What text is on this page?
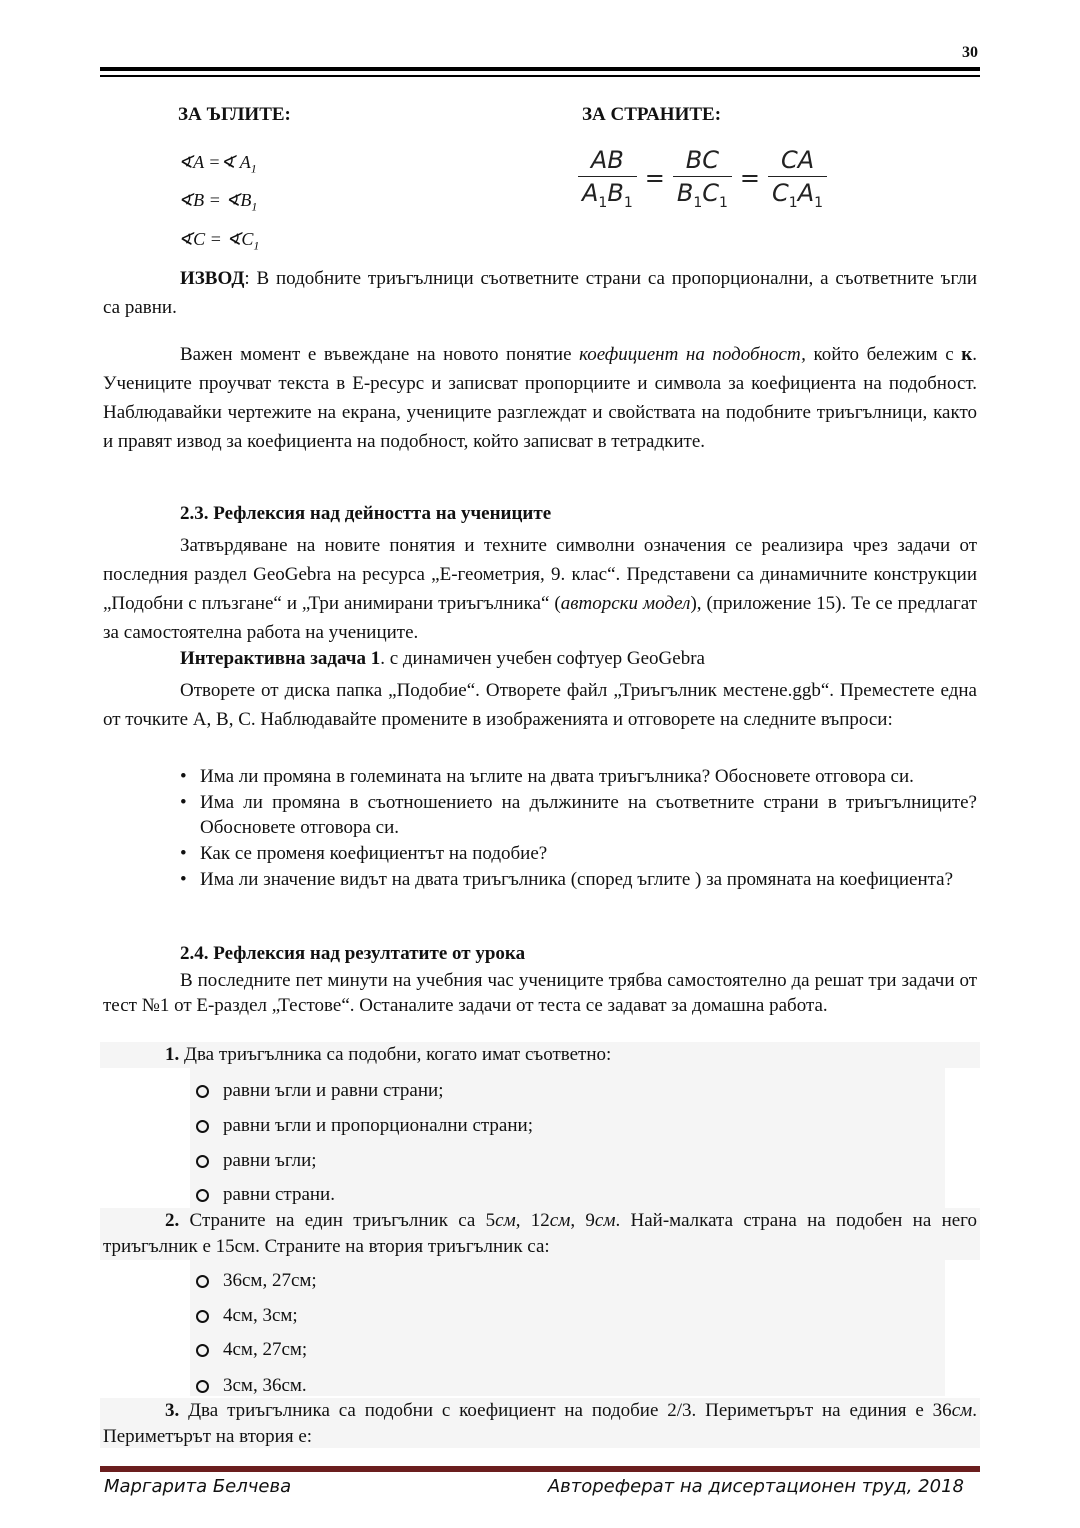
30
ЗА ЪГЛИТЕ:	ЗА СТРАНИТЕ:
∢A =∢ $A_1$
∢B = $∢B_1$
∢C = $∢C_1$
$\frac{AB}{A_1B_1} = \frac{BC}{B_1C_1} = \frac{CA}{C_1A_1}$
ИЗВОД: В подобните триъгълници съответните страни са пропорционални, а съответните ъгли са равни.
Важен момент е въвеждане на новото понятие коефициент на подобност, който бележим с к. Учениците проучват текста в Е-ресурс и записват пропорциите и символа за коефициента на подобност. Наблюдавайки чертежите на екрана, учениците разглеждат и свойствата на подобните триъгълници, както и правят извод за коефициента на подобност, който записват в тетрадките.
2.3. Рефлексия над дейността на учениците
Затвърдяване на новите понятия и техните символни означения се реализира чрез задачи от последния раздел GeoGebra на ресурса „Е-геометрия, 9. клас“. Представени са динамичните конструкции „Подобни с плъзгане“ и „Три анимирани триъгълника“ (авторски модел), (приложение 15). Те се предлагат за самостоятелна работа на учениците.
Интерактивна задача 1. с динамичен учебен софтуер GeoGebra
Отворете от диска папка „Подобие“. Отворете файл „Триъгълник местене.ggb“. Преместете една от точките А, В, С. Наблюдавайте промените в изображенията и отговорете на следните въпроси:
• Има ли промяна в големината на ъглите на двата триъгълника? Обосновете отговора си.
• Има ли промяна в съотношението на дължините на съответните страни в триъгълниците? Обосновете отговора си.
• Как се променя коефициентът на подобие?
• Има ли значение видът на двата триъгълника (според ъглите ) за промяната на коефициента?
2.4. Рефлексия над резултатите от урока
В последните пет минути на учебния час учениците трябва самостоятелно да решат три задачи от тест №1 от Е-раздел „Тестове“. Останалите задачи от теста се задават за домашна работа.
1. Два триъгълника са подобни, когато имат съответно:
равни ъгли и равни страни;
равни ъгли и пропорционални страни;
равни ъгли;
равни страни.
2. Страните на един триъгълник са 5см, 12см, 9см. Най-малката страна на подобен на него триъгълник е 15см. Страните на втория триъгълник са:
36см, 27см;
4см, 3см;
4см, 27см;
3см, 36см.
3. Два триъгълника са подобни с коефициент на подобие 2/3. Периметърът на единия е 36см. Периметърът на втория е:
Маргарита Белчева	Автореферат на дисертационен труд, 2018
